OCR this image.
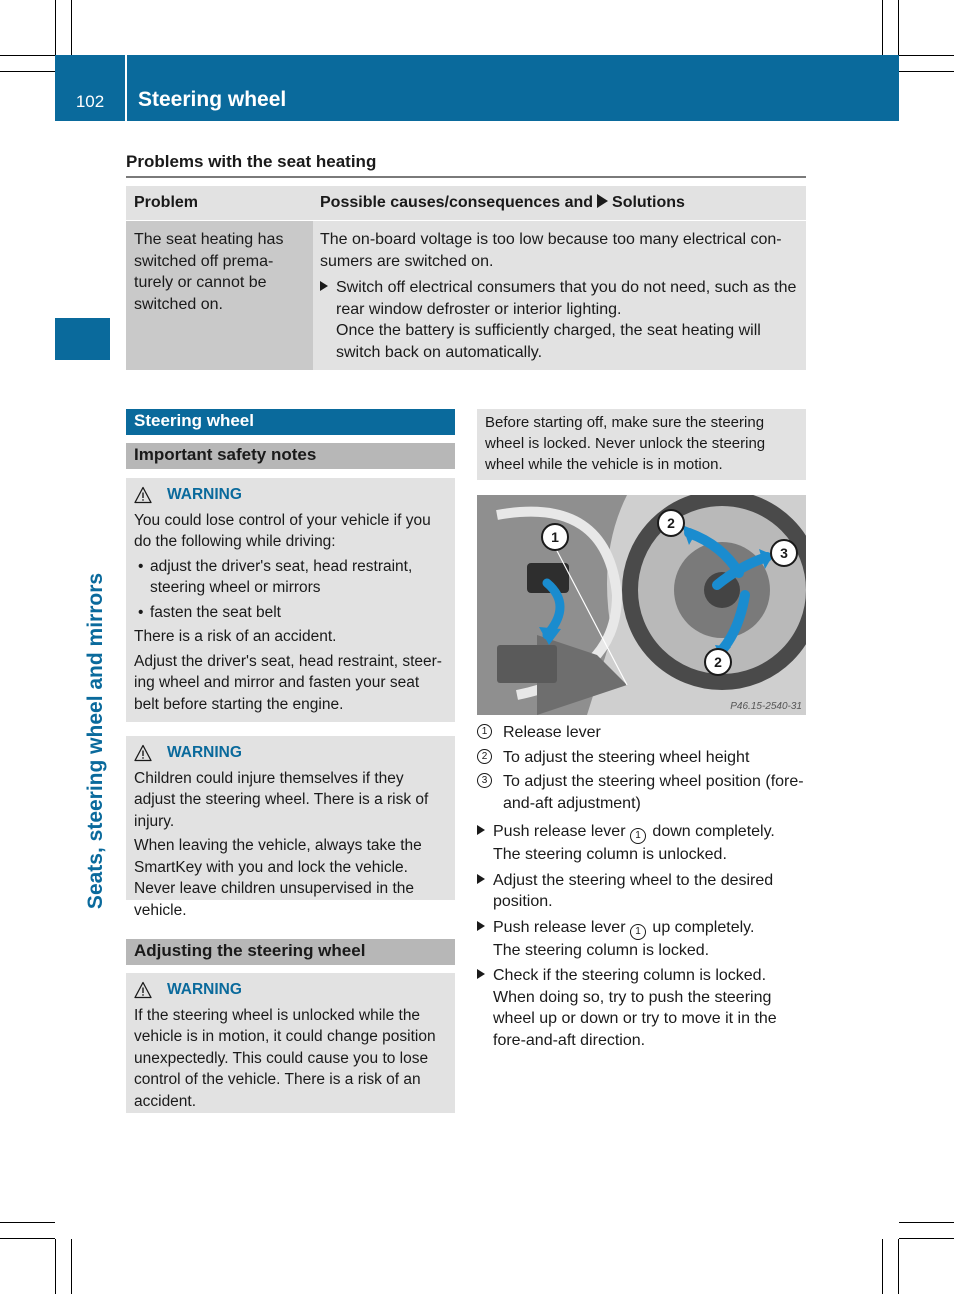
102	Steering wheel
Seats, steering wheel and mirrors
Problems with the seat heating
Problem	Possible causes/consequences and Solutions
The seat heating has switched off prema-turely or cannot be switched on.

The on-board voltage is too low because too many electrical con-sumers are switched on.

Switch off electrical consumers that you do not need, such as the rear window defroster or interior lighting.
Once the battery is sufficiently charged, the seat heating will switch back on automatically.
Steering wheel
Important safety notes
WARNING

You could lose control of your vehicle if you do the following while driving:

• adjust the driver's seat, head restraint, steering wheel or mirrors
• fasten the seat belt

There is a risk of an accident.

Adjust the driver's seat, head restraint, steer-ing wheel and mirror and fasten your seat belt before starting the engine.

WARNING

Children could injure themselves if they adjust the steering wheel. There is a risk of injury.

When leaving the vehicle, always take the SmartKey with you and lock the vehicle. Never leave children unsupervised in the vehicle.

Adjusting the steering wheel
WARNING

If the steering wheel is unlocked while the vehicle is in motion, it could change position unexpectedly. This could cause you to lose control of the vehicle. There is a risk of an accident.

Before starting off, make sure the steering wheel is locked. Never unlock the steering wheel while the vehicle is in motion.
1
2
3
2
P46.15-2540-31
1 Release lever
2 To adjust the steering wheel height
3 To adjust the steering wheel position (fore-and-aft adjustment)
Push release lever 1 down completely.
The steering column is unlocked.
Adjust the steering wheel to the desired position.
Push release lever 1 up completely.
The steering column is locked.
Check if the steering column is locked.
When doing so, try to push the steering wheel up or down or try to move it in the fore-and-aft direction.
